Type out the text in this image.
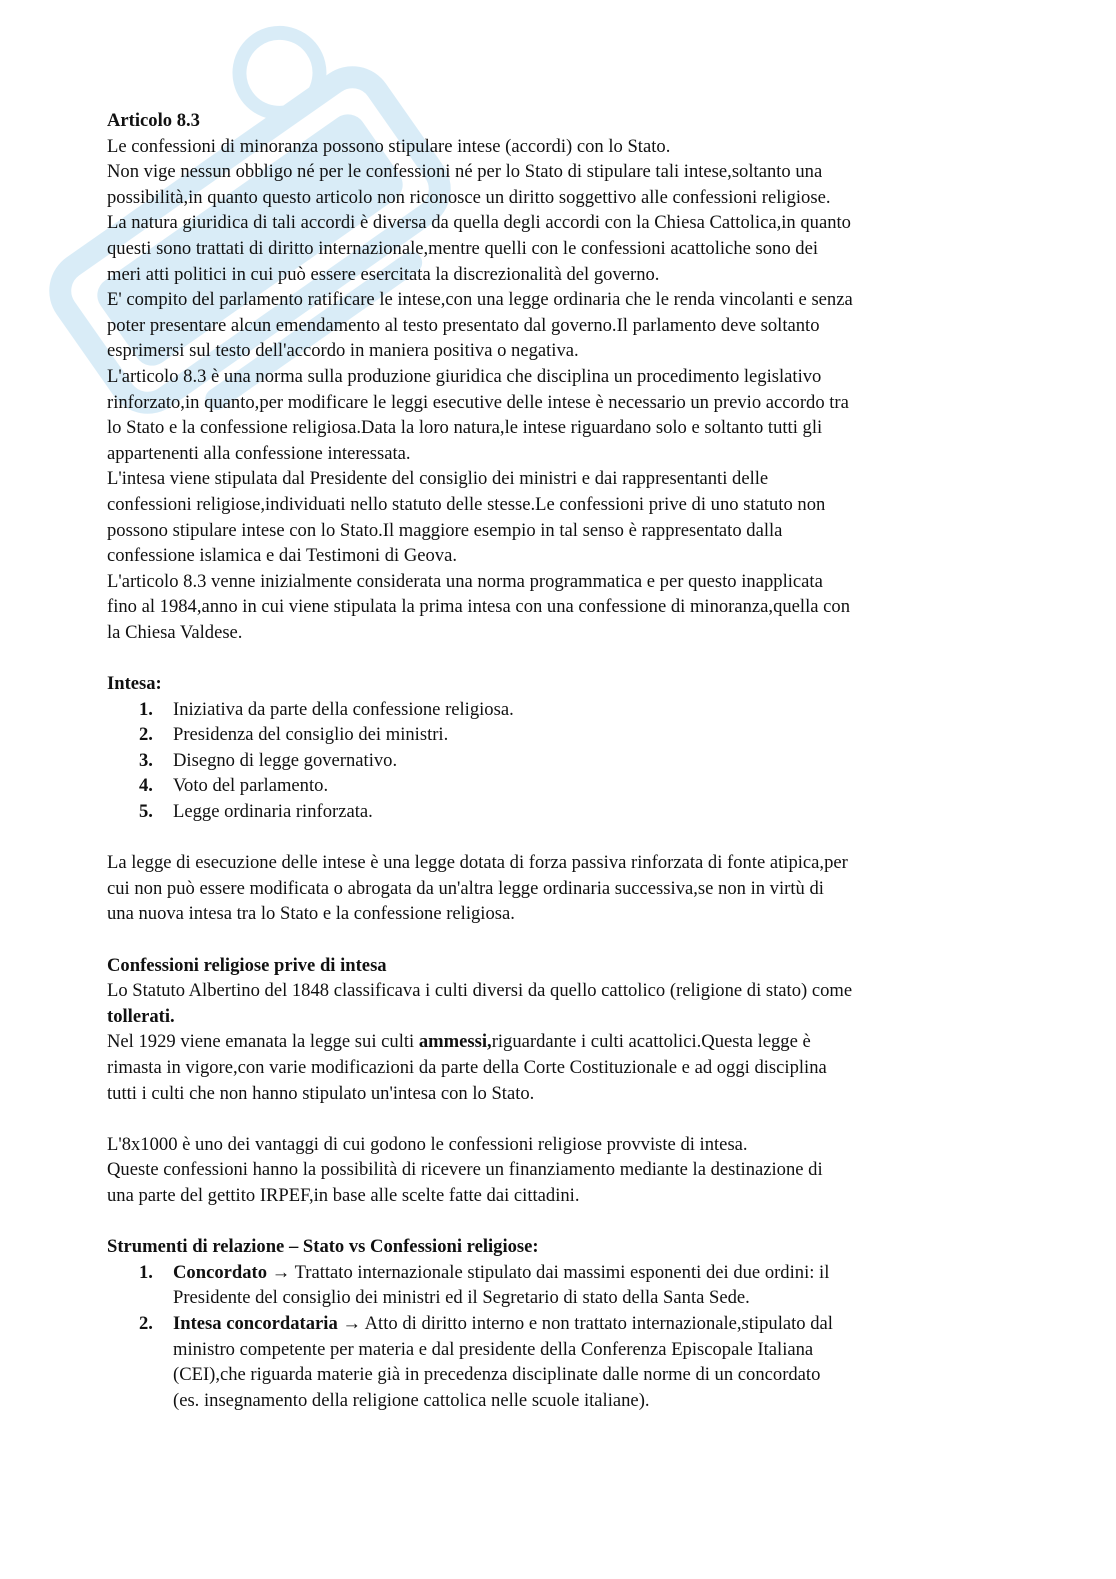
Articolo 8.3

Le confessioni di minoranza possono stipulare intese (accordi) con lo Stato.

Non vige nessun obbligo né per le confessioni né per lo Stato di stipulare tali intese,soltanto una

possibilità,in quanto questo articolo non riconosce un diritto soggettivo alle confessioni religiose.

La natura giuridica di tali accordi è diversa da quella degli accordi con la Chiesa Cattolica,in quanto

questi sono trattati di diritto internazionale,mentre quelli con le confessioni acattoliche sono dei

meri atti politici in cui può essere esercitata la discrezionalità del governo.

E' compito del parlamento ratificare le intese,con una legge ordinaria che le renda vincolanti e senza

poter presentare alcun emendamento al testo presentato dal governo.Il parlamento deve soltanto

esprimersi sul testo dell'accordo in maniera positiva o negativa.

L'articolo 8.3 è una norma sulla produzione giuridica che disciplina un procedimento legislativo

rinforzato,in quanto,per modificare le leggi esecutive delle intese è necessario un previo accordo tra

lo Stato e la confessione religiosa.Data la loro natura,le intese riguardano solo e soltanto tutti gli

appartenenti alla confessione interessata.

L'intesa viene stipulata dal Presidente del consiglio dei ministri e dai rappresentanti delle

confessioni religiose,individuati nello statuto delle stesse.Le confessioni prive di uno statuto non

possono stipulare intese con lo Stato.Il maggiore esempio in tal senso è rappresentato dalla

confessione islamica e dai Testimoni di Geova.

L'articolo 8.3 venne inizialmente considerata una norma programmatica e per questo inapplicata

fino al 1984,anno in cui viene stipulata la prima intesa con una confessione di minoranza,quella con

la Chiesa Valdese.

Intesa:

1. Iniziativa da parte della confessione religiosa.
2. Presidenza del consiglio dei ministri.
3. Disegno di legge governativo.
4. Voto del parlamento.
5. Legge ordinaria rinforzata.

La legge di esecuzione delle intese è una legge dotata di forza passiva rinforzata di fonte atipica,per

cui non può essere modificata o abrogata da un'altra legge ordinaria successiva,se non in virtù di

una nuova intesa tra lo Stato e la confessione religiosa.

Confessioni religiose prive di intesa

Lo Statuto Albertino del 1848 classificava i culti diversi da quello cattolico (religione di stato) come

tollerati.

Nel 1929 viene emanata la legge sui culti ammessi,riguardante i culti acattolici.Questa legge è

rimasta in vigore,con varie modificazioni da parte della Corte Costituzionale e ad oggi disciplina

tutti i culti che non hanno stipulato un'intesa con lo Stato.

L'8x1000 è uno dei vantaggi di cui godono le confessioni religiose provviste di intesa.

Queste confessioni hanno la possibilità di ricevere un finanziamento mediante la destinazione di

una parte del gettito IRPEF,in base alle scelte fatte dai cittadini.

Strumenti di relazione – Stato vs Confessioni religiose:

1. Concordato → Trattato internazionale stipulato dai massimi esponenti dei due ordini: il
Presidente del consiglio dei ministri ed il Segretario di stato della Santa Sede.
2. Intesa concordataria → Atto di diritto interno e non trattato internazionale,stipulato dal
ministro competente per materia e dal presidente della Conferenza Episcopale Italiana
(CEI),che riguarda materie già in precedenza disciplinate dalle norme di un concordato
(es. insegnamento della religione cattolica nelle scuole italiane).
